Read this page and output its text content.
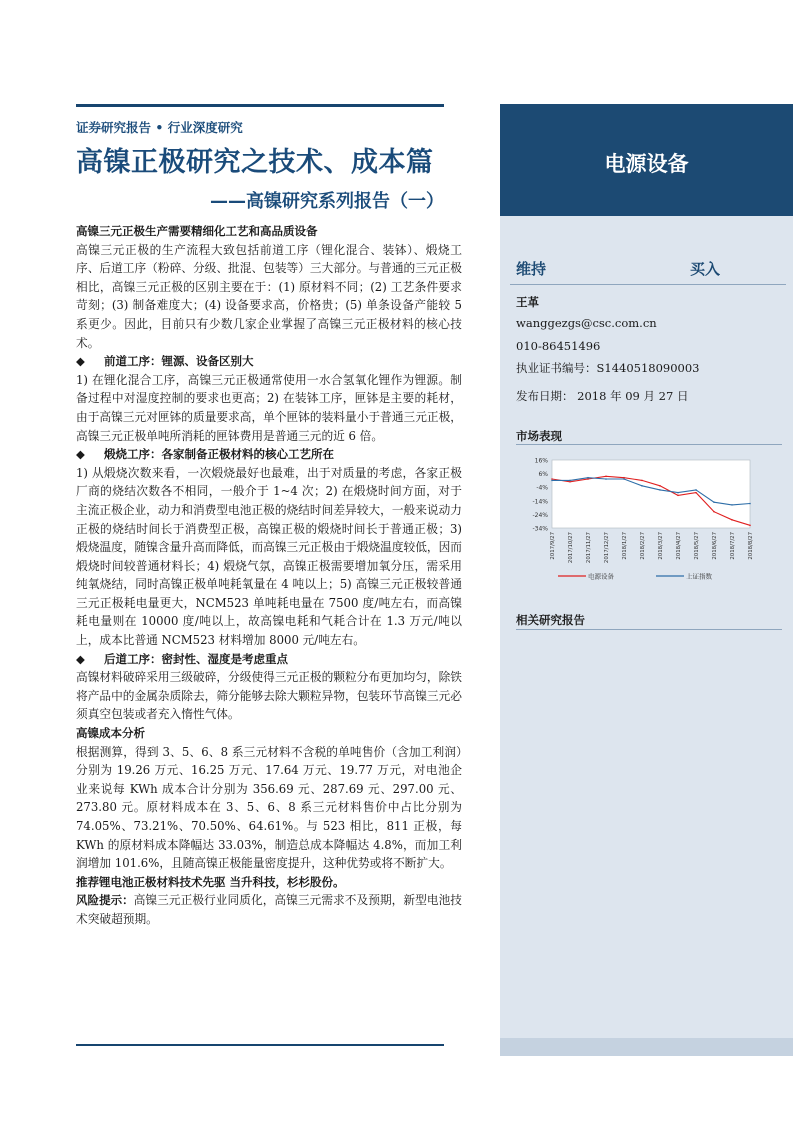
证券研究报告 • 行业深度研究
高镍正极研究之技术、成本篇
——高镍研究系列报告（一）

高镍三元正极生产需要精细化工艺和高品质设备

高镍三元正极的生产流程大致包括前道工序（锂化混合、装钵）、煅烧工序、后道工序（粉碎、分级、批混、包装等）三大部分。与普通的三元正极相比，高镍三元正极的区别主要在于：(1) 原材料不同；(2) 工艺条件要求苛刻；(3) 制备难度大；(4) 设备要求高，价格贵；(5) 单条设备产能较 5 系更少。因此，目前只有少数几家企业掌握了高镍三元正极材料的核心技术。

◆ 前道工序：锂源、设备区别大

1) 在锂化混合工序，高镍三元正极通常使用一水合氢氧化锂作为锂源。制备过程中对湿度控制的要求也更高；2) 在装钵工序，匣钵是主要的耗材，由于高镍三元对匣钵的质量要求高，单个匣钵的装料量小于普通三元正极，高镍三元正极单吨所消耗的匣钵费用是普通三元的近 6 倍。

◆ 煅烧工序：各家制备正极材料的核心工艺所在

1) 从煅烧次数来看，一次煅烧最好也最难，出于对质量的考虑，各家正极厂商的烧结次数各不相同，一般介于 1~4 次；2) 在煅烧时间方面，对于主流正极企业，动力和消费型电池正极的烧结时间差异较大，一般来说动力正极的烧结时间长于消费型正极，高镍正极的煅烧时间长于普通正极；3) 煅烧温度，随镍含量升高而降低，而高镍三元正极由于煅烧温度较低，因而煅烧时间较普通材料长；4) 煅烧气氛，高镍正极需要增加氧分压，需采用纯氧烧结，同时高镍正极单吨耗氧量在 4 吨以上；5) 高镍三元正极较普通三元正极耗电量更大，NCM523 单吨耗电量在 7500 度/吨左右，而高镍耗电量则在 10000 度/吨以上，故高镍电耗和气耗合计在 1.3 万元/吨以上，成本比普通 NCM523 材料增加 8000 元/吨左右。

◆ 后道工序：密封性、湿度是考虑重点

高镍材料破碎采用三级破碎，分级使得三元正极的颗粒分布更加均匀，除铁将产品中的金属杂质除去，筛分能够去除大颗粒异物，包装环节高镍三元必须真空包装或者充入惰性气体。

高镍成本分析

根据测算，得到 3、5、6、8 系三元材料不含税的单吨售价（含加工利润）分别为 19.26 万元、16.25 万元、17.64 万元、19.77 万元，对电池企业来说每 KWh 成本合计分别为 356.69 元、287.69 元、297.00 元、273.80 元。原材料成本在 3、5、6、8 系三元材料售价中占比分别为 74.05%、73.21%、70.50%、64.61%。与 523 相比，811 正极，每 KWh 的原材料成本降幅达 33.03%，制造总成本降幅达 4.8%，而加工利润增加 101.6%，且随高镍正极能量密度提升，这种优势或将不断扩大。

推荐锂电池正极材料技术先驱 当升科技，杉杉股份。

风险提示：高镍三元正极行业同质化，高镍三元需求不及预期，新型电池技术突破超预期。

电源设备
维持	买入
王革
wanggezgs@csc.com.cn
010-86451496
执业证书编号：S1440518090003
发布日期： 2018 年 09 月 27 日
市场表现
相关研究报告
16%
6%
-4%
-14%
-24%
-34%
2017/9/27 2017/10/27 2017/11/27 2017/12/27 2018/1/27 2018/2/27 2018/3/27 2018/4/27 2018/5/27 2018/6/27 2018/7/27 2018/8/27
电源设备	上证指数
